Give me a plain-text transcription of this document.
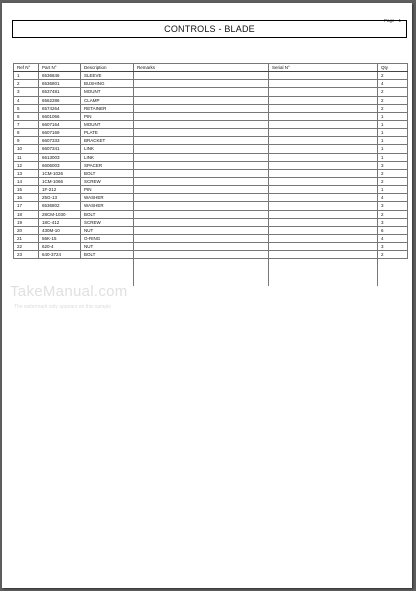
Page - 1
CONTROLS - BLADE
Ref N°	Part N°	Description	Remarks	Serial N°	Qty
1	6536846	SLEEVE			2
2	6536801	BUSHING			4
3	6537481	MOUNT			2
4	6562286	CLAMP			2
5	6574264	RETAINER			2
6	6601066	PIN			1
7	6607164	MOUNT			1
8	6607169	PLATE			1
9	6607333	BRACKET			1
10	6607341	LINK			1
11	6613003	LINK			1
12	6606003	SPACER			3
13	1CM-1026	BOLT			2
14	1CM-1066	SCREW			2
15	1F-212	PIN			1
16	25G-13	WASHER			4
17	6536802	WASHER			3
18	28CM-1030	BOLT			2
19	18C-412	SCREW			3
20	430M-10	NUT			6
21	56K-15	O-RING			4
22	620-4	NUT			3
23	640-3724	BOLT			2
TakeManual.com
The watermark only appears on this sample
